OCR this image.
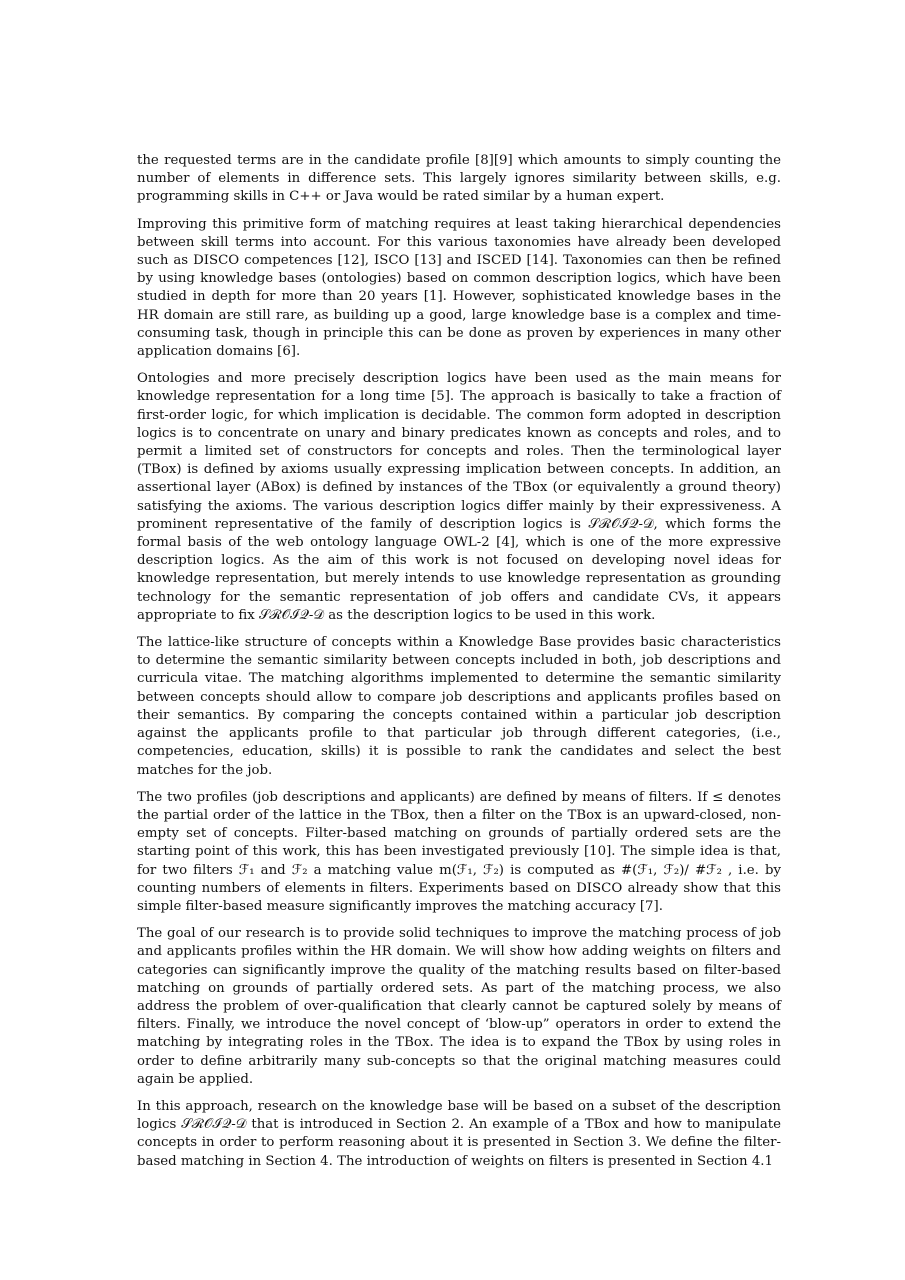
the requested terms are in the candidate profile [8][9] which amounts to simply counting the number of elements in difference sets. This largely ignores similarity between skills, e.g. programming skills in C++ or Java would be rated similar by a human expert.

Improving this primitive form of matching requires at least taking hierarchical dependencies between skill terms into account. For this various taxonomies have already been developed such as DISCO competences [12], ISCO [13] and ISCED [14]. Taxonomies can then be refined by using knowledge bases (ontologies) based on common description logics, which have been studied in depth for more than 20 years [1]. However, sophisticated knowledge bases in the HR domain are still rare, as building up a good, large knowledge base is a complex and time-consuming task, though in principle this can be done as proven by experiences in many other application domains [6].

Ontologies and more precisely description logics have been used as the main means for knowledge representation for a long time [5]. The approach is basically to take a fraction of first-order logic, for which implication is decidable. The common form adopted in description logics is to concentrate on unary and binary predicates known as concepts and roles, and to permit a limited set of constructors for concepts and roles. Then the terminological layer (TBox) is defined by axioms usually expressing implication between concepts. In addition, an assertional layer (ABox) is defined by instances of the TBox (or equivalently a ground theory) satisfying the axioms. The various description logics differ mainly by their expressiveness. A prominent representative of the family of description logics is 𝒮ℛ𝒪ℐ𝒬-𝒟, which forms the formal basis of the web ontology language OWL-2 [4], which is one of the more expressive description logics. As the aim of this work is not focused on developing novel ideas for knowledge representation, but merely intends to use knowledge representation as grounding technology for the semantic representation of job offers and candidate CVs, it appears appropriate to fix 𝒮ℛ𝒪ℐ𝒬-𝒟 as the description logics to be used in this work.

The lattice-like structure of concepts within a Knowledge Base provides basic characteristics to determine the semantic similarity between concepts included in both, job descriptions and curricula vitae. The matching algorithms implemented to determine the semantic similarity between concepts should allow to compare job descriptions and applicants profiles based on their semantics. By comparing the concepts contained within a particular job description against the applicants profile to that particular job through different categories, (i.e., competencies, education, skills) it is possible to rank the candidates and select the best matches for the job.

The two profiles (job descriptions and applicants) are defined by means of filters. If ≤ denotes the partial order of the lattice in the TBox, then a filter on the TBox is an upward-closed, non-empty set of concepts. Filter-based matching on grounds of partially ordered sets are the starting point of this work, this has been investigated previously [10]. The simple idea is that, for two filters ℱ₁ and ℱ₂ a matching value m(ℱ₁, ℱ₂) is computed as #(ℱ₁, ℱ₂)/ #ℱ₂ , i.e. by counting numbers of elements in filters. Experiments based on DISCO already show that this simple filter-based measure significantly improves the matching accuracy [7].

The goal of our research is to provide solid techniques to improve the matching process of job and applicants profiles within the HR domain. We will show how adding weights on filters and categories can significantly improve the quality of the matching results based on filter-based matching on grounds of partially ordered sets. As part of the matching process, we also address the problem of over-qualification that clearly cannot be captured solely by means of filters. Finally, we introduce the novel concept of ‘blow-up” operators in order to extend the matching by integrating roles in the TBox. The idea is to expand the TBox by using roles in order to define arbitrarily many sub-concepts so that the original matching measures could again be applied.

In this approach, research on the knowledge base will be based on a subset of the description logics 𝒮ℛ𝒪ℐ𝒬-𝒟 that is introduced in Section 2. An example of a TBox and how to manipulate concepts in order to perform reasoning about it is presented in Section 3. We define the filter-based matching in Section 4. The introduction of weights on filters is presented in Section 4.1
